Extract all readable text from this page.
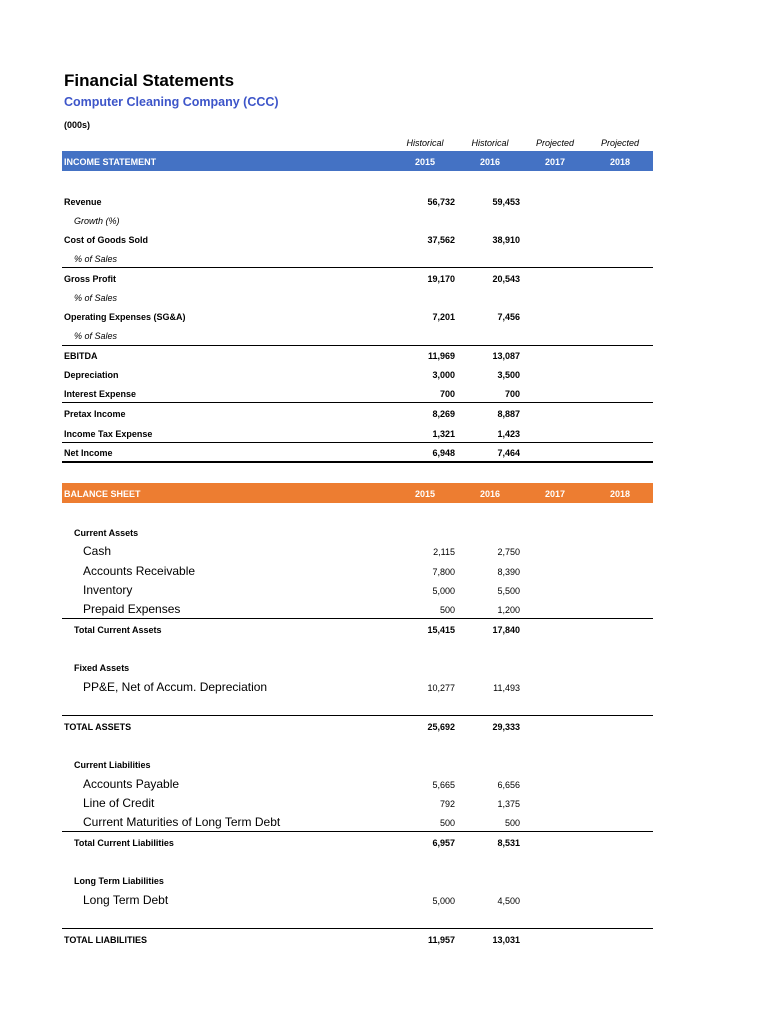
Financial Statements
Computer Cleaning Company (CCC)
(000s)
Historical	Historical	Projected	Projected
INCOME STATEMENT	2015	2016	2017	2018
Revenue	56,732	59,453
Growth (%)
Cost of Goods Sold	37,562	38,910
% of Sales
Gross Profit	19,170	20,543
% of Sales
Operating Expenses (SG&A)	7,201	7,456
% of Sales
EBITDA	11,969	13,087
Depreciation	3,000	3,500
Interest Expense	700	700
Pretax Income	8,269	8,887
Income Tax Expense	1,321	1,423
Net Income	6,948	7,464
BALANCE SHEET	2015	2016	2017	2018
Current Assets
Cash	2,115	2,750
Accounts Receivable	7,800	8,390
Inventory	5,000	5,500
Prepaid Expenses	500	1,200
Total Current Assets	15,415	17,840
Fixed Assets
PP&E, Net of Accum. Depreciation	10,277	11,493
TOTAL ASSETS	25,692	29,333
Current Liabilities
Accounts Payable	5,665	6,656
Line of Credit	792	1,375
Current Maturities of Long Term Debt	500	500
Total Current Liabilities	6,957	8,531
Long Term Liabilities
Long Term Debt	5,000	4,500
TOTAL LIABILITIES	11,957	13,031
